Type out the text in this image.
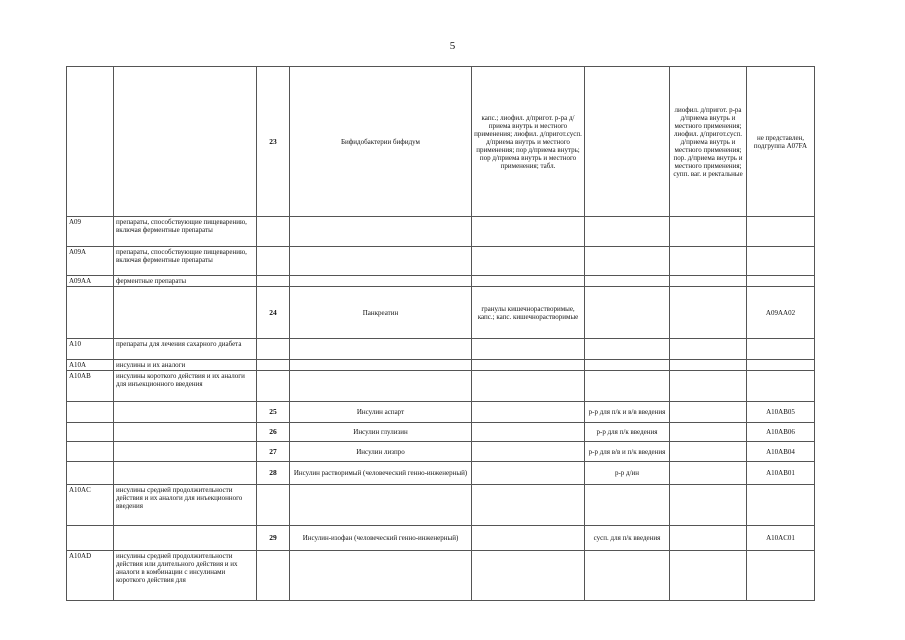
5
		23	Бифидобактерии бифидум	капс.; лиофил. д/пригот. р-ра д/приема внутрь и местного применения; лиофил. д/пригот.сусп. д/приема внутрь и местного применения; пор д/приема внутрь; пор д/приема внутрь и местного применения; табл.		лиофил. д/пригот. р-ра д/приема внутрь и местного применения; лиофил. д/пригот.сусп. д/приема внутрь и местного применения; пор. д/приема внутрь и местного применения; супп. ваг. и ректальные	не представлен, подгруппа A07FA
A09	препараты, способствующие пищеварению, включая ферментные препараты						
A09A	препараты, способствующие пищеварению, включая ферментные препараты						
A09AA	ферментные препараты						
		24	Панкреатин	гранулы кишечнорастворимые, капс.; капс. кишечнорастворимые			A09AA02
A10	препараты для лечения сахарного диабета						
A10A	инсулины и их аналоги						
A10AB	инсулины короткого действия и их аналоги для инъекционного введения						
		25	Инсулин аспарт		р-р для п/к и в/в введения		A10AB05
		26	Инсулин глулизин		р-р для п/к введения		A10AB06
		27	Инсулин лизпро		р-р для в/в и п/к введения		A10AB04
		28	Инсулин растворимый (человеческий генно-инженерный)		р-р д/ин		A10AB01
A10AC	инсулины средней продолжительности действия и их аналоги для инъекционного введения						
		29	Инсулин-изофан (человеческий генно-инженерный)		сусп. для п/к введения		A10AC01
A10AD	инсулины средней продолжительности действия или длительного действия и их аналоги в комбинации с инсулинами короткого действия для						
